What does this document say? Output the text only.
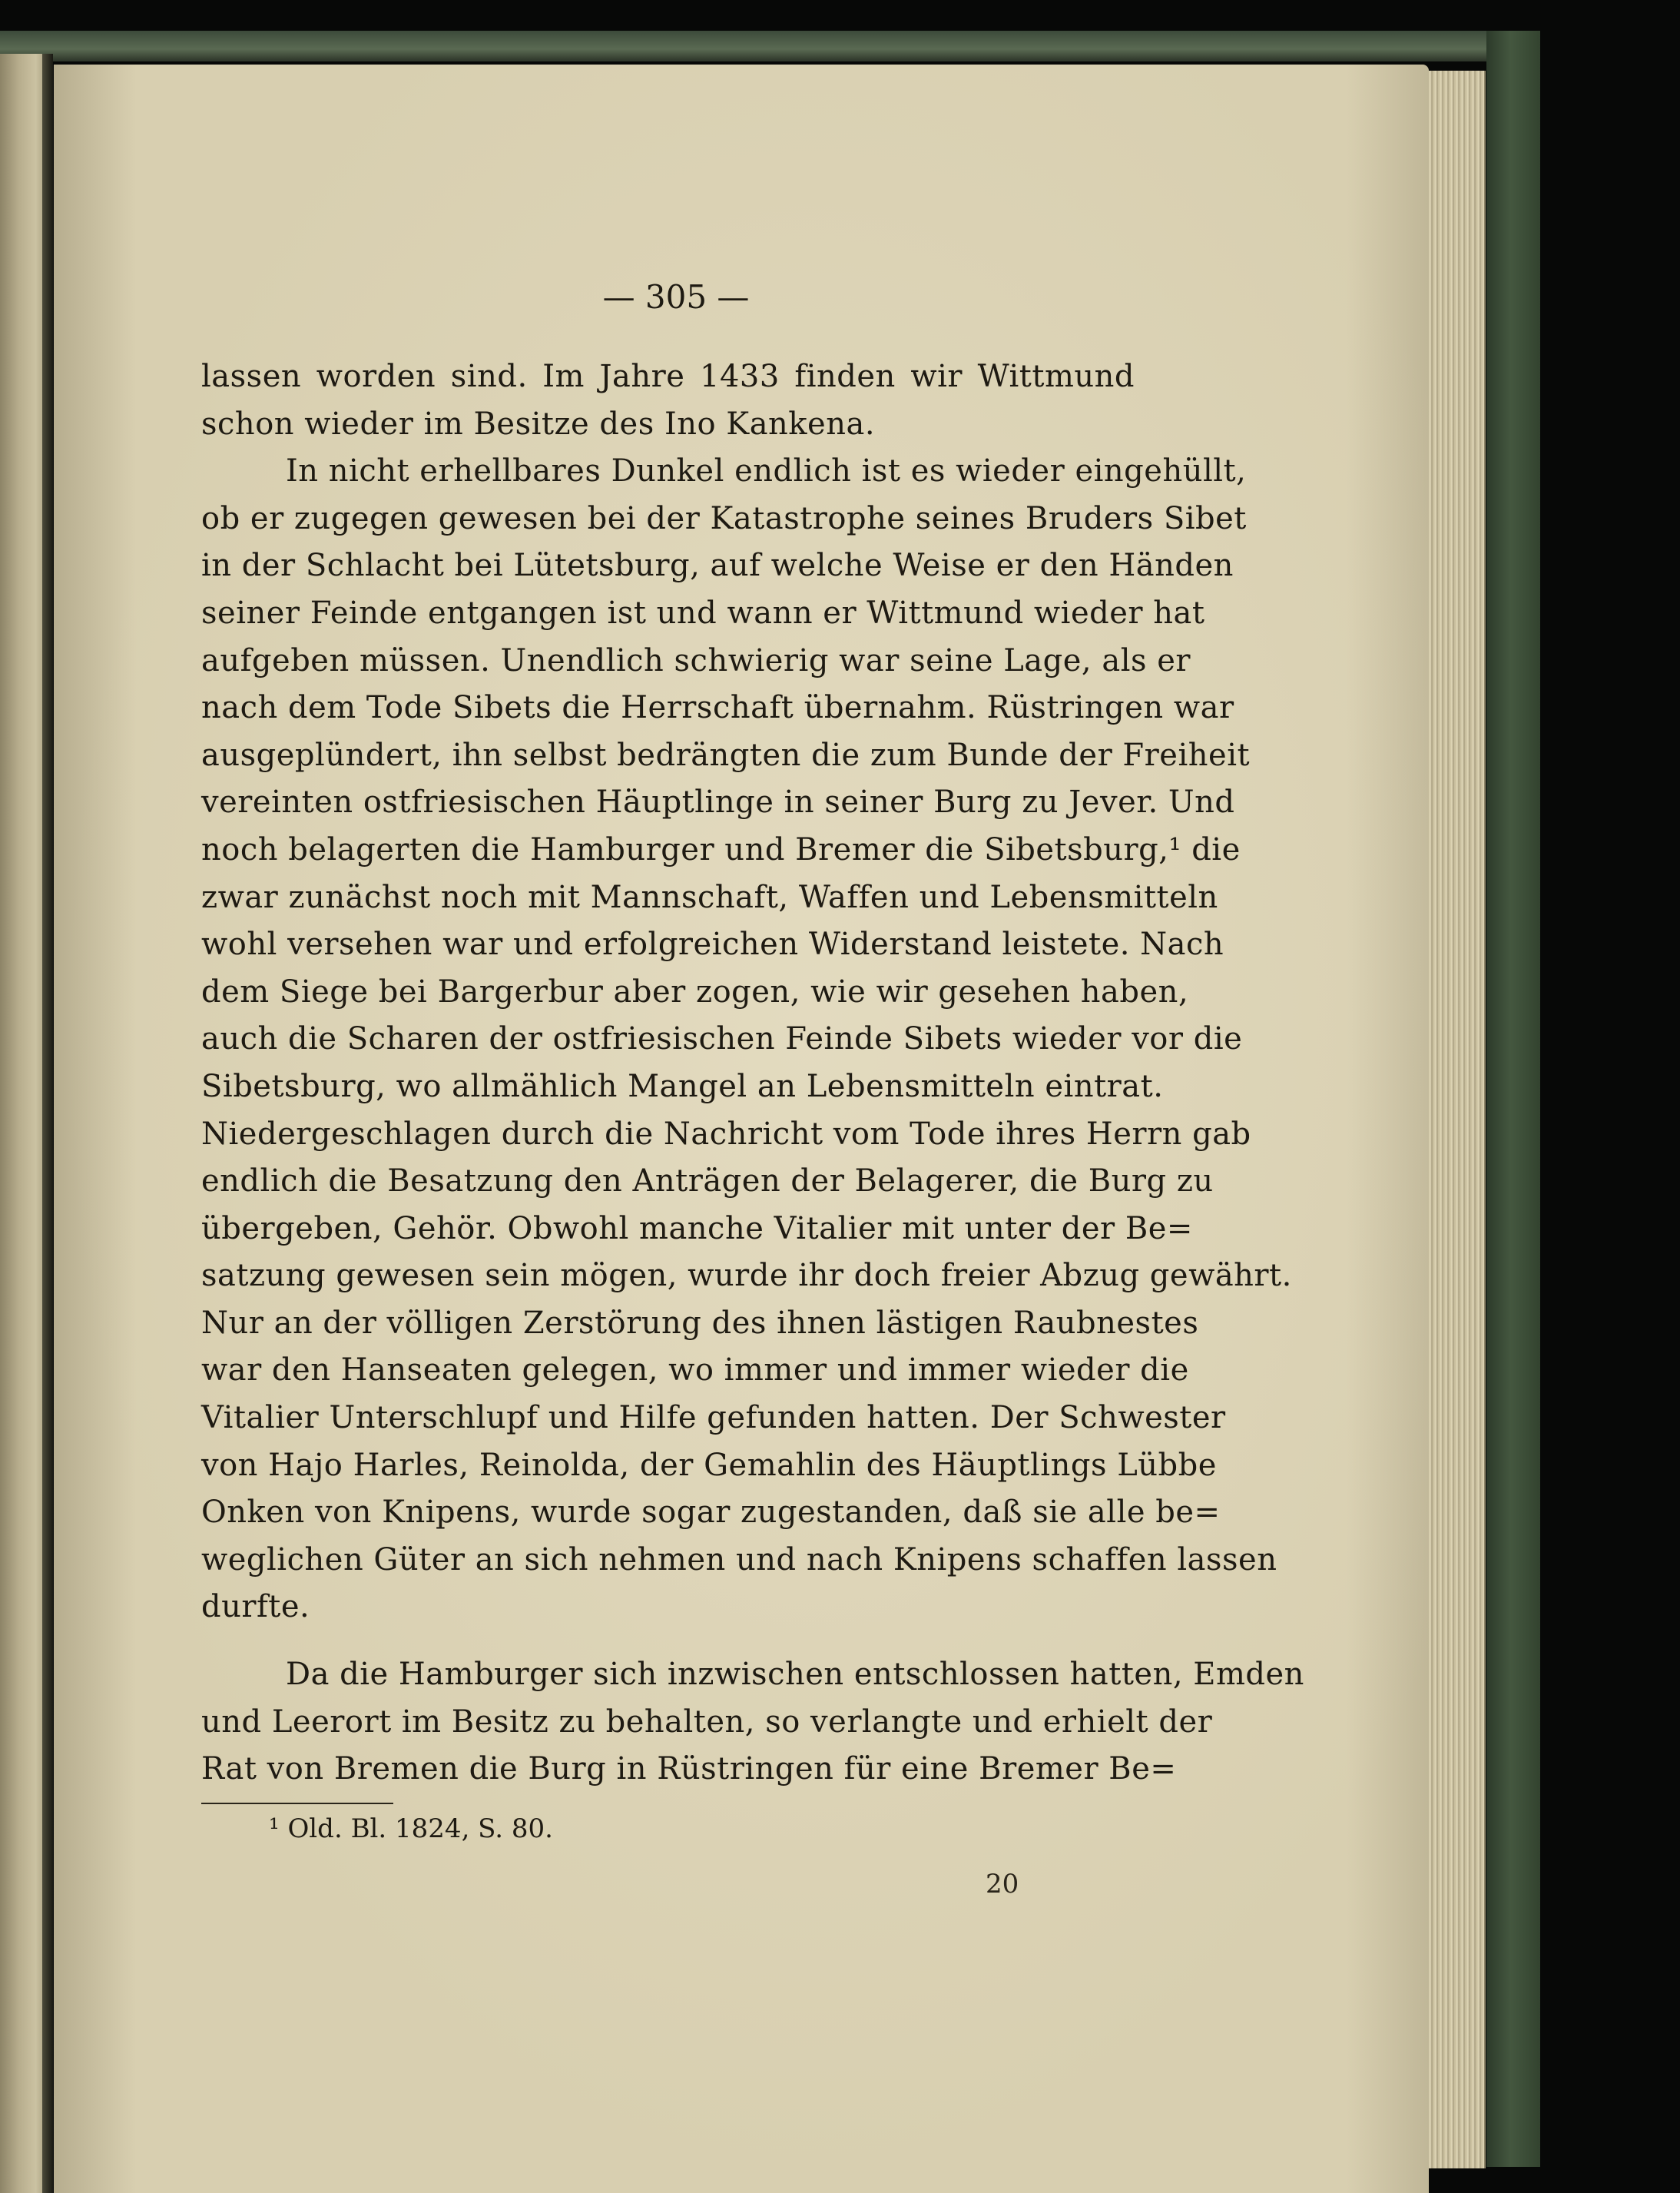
— 305 —
lassen worden sind. Im Jahre 1433 finden wir Wittmund
schon wieder im Besitze des Ino Kankena.
In nicht erhellbares Dunkel endlich ist es wieder eingehüllt,
ob er zugegen gewesen bei der Katastrophe seines Bruders Sibet
in der Schlacht bei Lütetsburg, auf welche Weise er den Händen
seiner Feinde entgangen ist und wann er Wittmund wieder hat
aufgeben müssen. Unendlich schwierig war seine Lage, als er
nach dem Tode Sibets die Herrschaft übernahm. Rüstringen war
ausgeplündert, ihn selbst bedrängten die zum Bunde der Freiheit
vereinten ostfriesischen Häuptlinge in seiner Burg zu Jever. Und
noch belagerten die Hamburger und Bremer die Sibetsburg,¹ die
zwar zunächst noch mit Mannschaft, Waffen und Lebensmitteln
wohl versehen war und erfolgreichen Widerstand leistete. Nach
dem Siege bei Bargerbur aber zogen, wie wir gesehen haben,
auch die Scharen der ostfriesischen Feinde Sibets wieder vor die
Sibetsburg, wo allmählich Mangel an Lebensmitteln eintrat.
Niedergeschlagen durch die Nachricht vom Tode ihres Herrn gab
endlich die Besatzung den Anträgen der Belagerer, die Burg zu
übergeben, Gehör. Obwohl manche Vitalier mit unter der Be=
satzung gewesen sein mögen, wurde ihr doch freier Abzug gewährt.
Nur an der völligen Zerstörung des ihnen lästigen Raubnestes
war den Hanseaten gelegen, wo immer und immer wieder die
Vitalier Unterschlupf und Hilfe gefunden hatten. Der Schwester
von Hajo Harles, Reinolda, der Gemahlin des Häuptlings Lübbe
Onken von Knipens, wurde sogar zugestanden, daß sie alle be=
weglichen Güter an sich nehmen und nach Knipens schaffen lassen
durfte.
Da die Hamburger sich inzwischen entschlossen hatten, Emden
und Leerort im Besitz zu behalten, so verlangte und erhielt der
Rat von Bremen die Burg in Rüstringen für eine Bremer Be=
¹ Old. Bl. 1824, S. 80.
20
